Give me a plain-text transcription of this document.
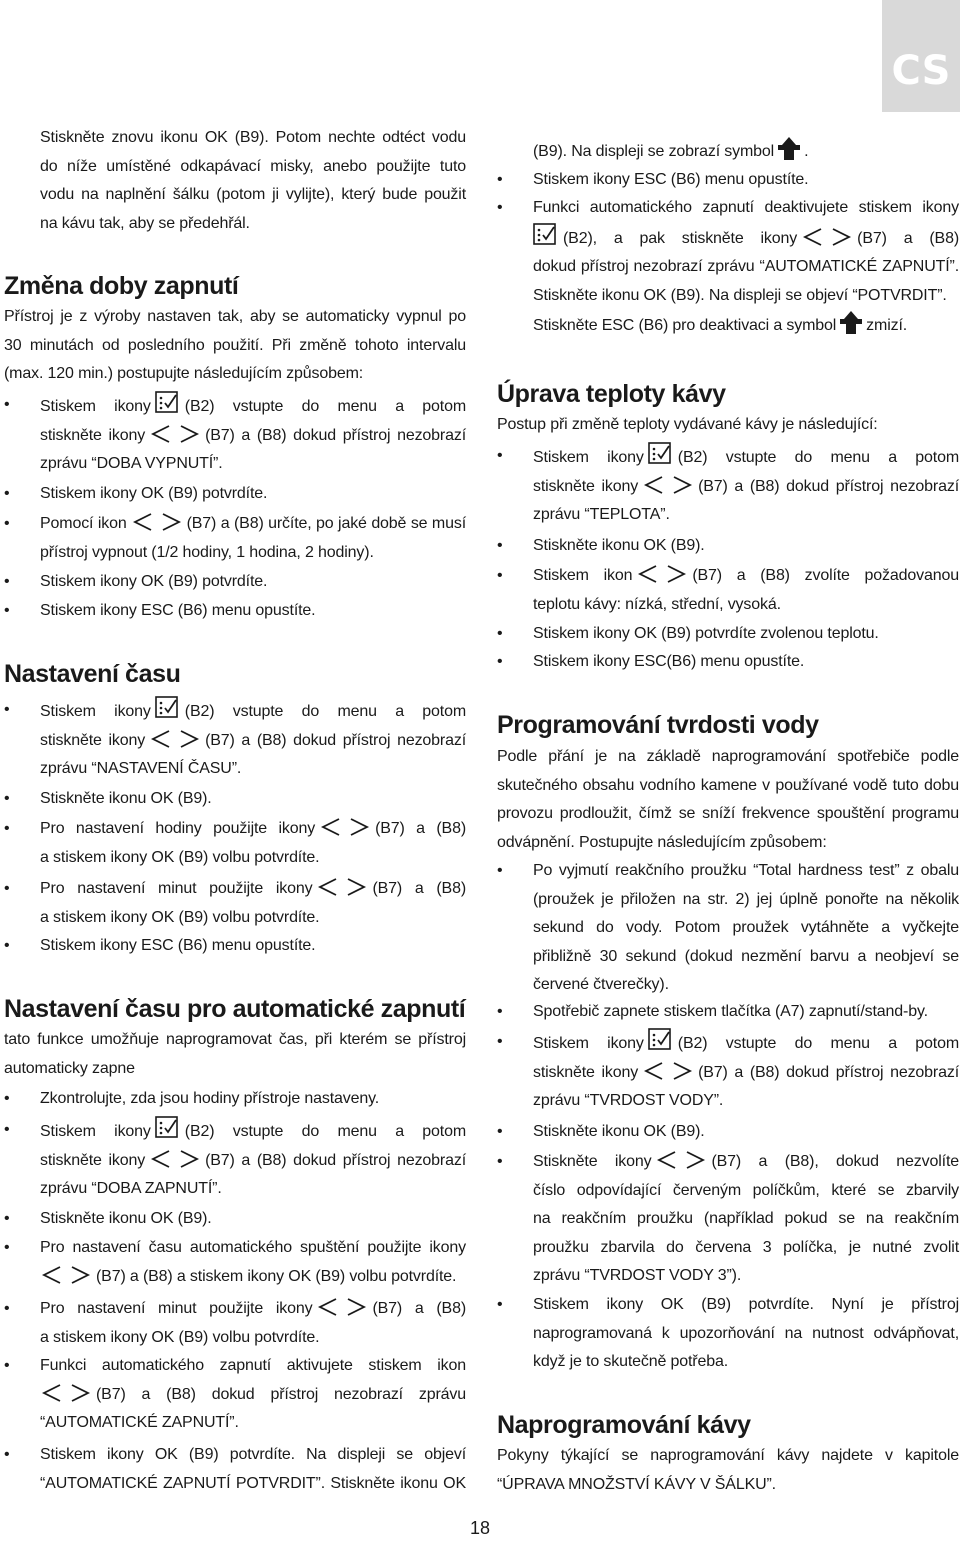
CS
Stiskněte znovu ikonu OK (B9). Potom nechte odtéct vodu
do níže umístěné odkapávací misky, anebo použijte tuto
vodu na naplnění šálku (potom ji vylijte), který bude použit
na kávu tak, aby se předehřál.
Změna doby zapnutí
Přístroj je z výroby nastaven tak, aby se automaticky vypnul po
30 minutách od posledního použití. Při změně tohoto intervalu
(max. 120 min.) postupujte následujícím způsobem:
• Stiskem ikony (B2) vstupte do menu a potom
stiskněte ikony	(B7) a (B8) dokud přístroj nezobrazí
zprávu “DOBA VYPNUTÍ”.
• Stiskem ikony OK (B9) potvrdíte.
• Pomocí ikon	(B7) a (B8) určíte, po jaké době se musí
přístroj vypnout (1/2 hodiny, 1 hodina, 2 hodiny).
• Stiskem ikony OK (B9) potvrdíte.
• Stiskem ikony ESC (B6) menu opustíte.
Nastavení času
• Stiskem ikony (B2) vstupte do menu a potom
stiskněte ikony	(B7) a (B8) dokud přístroj nezobrazí
zprávu “NASTAVENÍ ČASU”.
• Stiskněte ikonu OK (B9).
• Pro nastavení hodiny použijte ikony	(B7) a (B8)
a stiskem ikony OK (B9) volbu potvrdíte.
• Pro nastavení minut použijte ikony	(B7) a (B8)
a stiskem ikony OK (B9) volbu potvrdíte.
• Stiskem ikony ESC (B6) menu opustíte.
Nastavení času pro automatické zapnutí
tato funkce umožňuje naprogramovat čas, při kterém se přístroj
automaticky zapne
• Zkontrolujte, zda jsou hodiny přístroje nastaveny.
• Stiskem ikony (B2) vstupte do menu a potom
stiskněte ikony	(B7) a (B8) dokud přístroj nezobrazí
zprávu “DOBA ZAPNUTÍ”.
• Stiskněte ikonu OK (B9).
• Pro nastavení času automatického spuštění použijte ikony
(B7) a (B8) a stiskem ikony OK (B9) volbu potvrdíte.
• Pro nastavení minut použijte ikony	(B7) a (B8)
a stiskem ikony OK (B9) volbu potvrdíte.
• Funkci automatického zapnutí aktivujete stiskem ikon
(B7) a (B8) dokud přístroj nezobrazí zprávu
“AUTOMATICKÉ ZAPNUTÍ”.
• Stiskem ikony OK (B9) potvrdíte. Na displeji se objeví
“AUTOMATICKÉ ZAPNUTÍ POTVRDIT”. Stiskněte ikonu OK
(B9). Na displeji se zobrazí symbol .
• Stiskem ikony ESC (B6) menu opustíte.
• Funkci automatického zapnutí deaktivujete stiskem ikony
(B2), a pak stiskněte ikony	(B7) a (B8)
dokud přístroj nezobrazí zprávu “AUTOMATICKÉ ZAPNUTÍ”.
Stiskněte ikonu OK (B9). Na displeji se objeví “POTVRDIT”.
Stiskněte ESC (B6) pro deaktivaci a symbol zmizí.
Úprava teploty kávy
Postup při změně teploty vydávané kávy je následující:
• Stiskem ikony (B2) vstupte do menu a potom
stiskněte ikony	(B7) a (B8) dokud přístroj nezobrazí
zprávu “TEPLOTA”.
• Stiskněte ikonu OK (B9).
• Stiskem ikon	(B7) a (B8) zvolíte požadovanou
teplotu kávy: nízká, střední, vysoká.
• Stiskem ikony OK (B9) potvrdíte zvolenou teplotu.
• Stiskem ikony ESC(B6) menu opustíte.
Programování tvrdosti vody
Podle přání je na základě naprogramování spotřebiče podle
skutečného obsahu vodního kamene v používané vodě tuto dobu
provozu prodloužit, čímž se sníží frekvence spouštění programu
odvápnění. Postupujte následujícím způsobem:
• Po vyjmutí reakčního proužku “Total hardness test” z obalu
(proužek je přiložen na str. 2) jej úplně ponořte na několik
sekund do vody. Potom proužek vytáhněte a vyčkejte
přibližně 30 sekund (dokud nezmění barvu a neobjeví se
červené čtverečky).
• Spotřebič zapnete stiskem tlačítka (A7) zapnutí/stand-by.
• Stiskem ikony (B2) vstupte do menu a potom
stiskněte ikony	(B7) a (B8) dokud přístroj nezobrazí
zprávu “TVRDOST VODY”.
• Stiskněte ikonu OK (B9).
• Stiskněte ikony	(B7) a (B8), dokud nezvolíte
číslo odpovídající červeným políčkům, které se zbarvily
na reakčním proužku (například pokud se na reakčním
proužku zbarvila do červena 3 políčka, je nutné zvolit
zprávu “TVRDOST VODY 3”).
• Stiskem ikony OK (B9) potvrdíte. Nyní je přístroj
naprogramovaná k upozorňování na nutnost odvápňovat,
když je to skutečně potřeba.
Naprogramování kávy
Pokyny týkající se naprogramování kávy najdete v kapitole
“ÚPRAVA MNOŽSTVÍ KÁVY V ŠÁLKU”.
18
